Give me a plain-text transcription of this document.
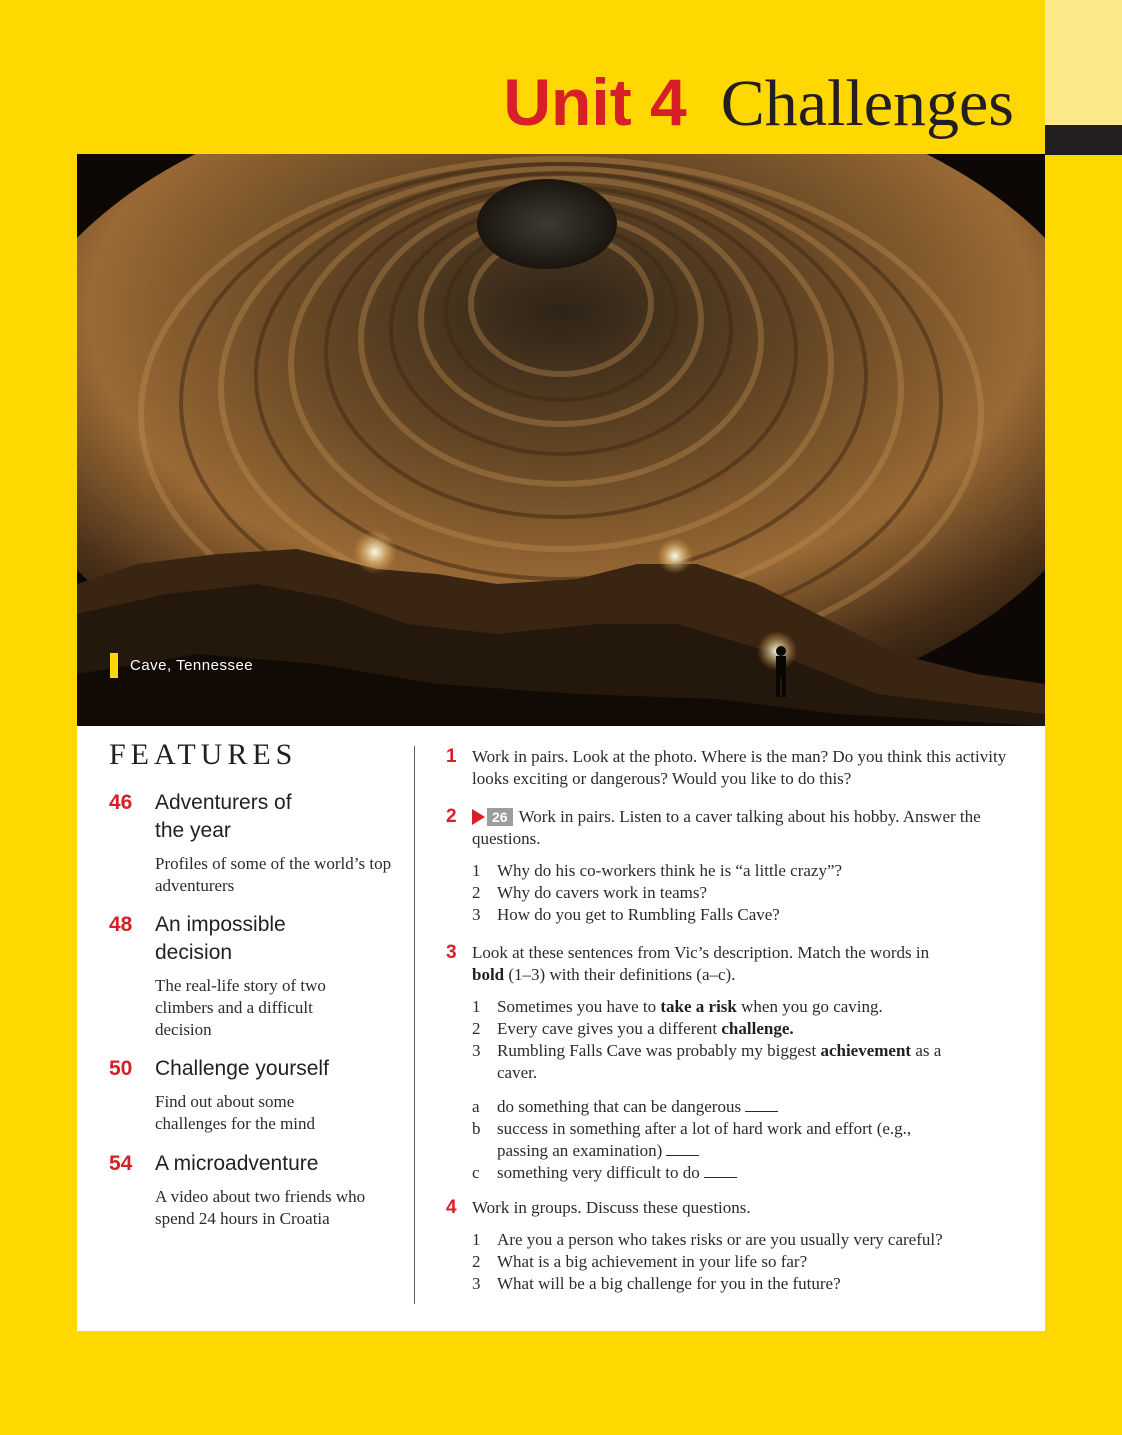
Unit 4 Challenges
Cave, Tennessee
FEATURES
46 Adventurers of the year
Profiles of some of the world’s top adventurers
48 An impossible decision
The real-life story of two climbers and a difficult decision
50 Challenge yourself
Find out about some challenges for the mind
54 A microadventure
A video about two friends who spend 24 hours in Croatia
1 Work in pairs. Look at the photo. Where is the man? Do you think this activity looks exciting or dangerous? Would you like to do this?
2	26 Work in pairs. Listen to a caver talking about his hobby. Answer the questions.
1 Why do his co-workers think he is “a little crazy”?
2 Why do cavers work in teams?
3 How do you get to Rumbling Falls Cave?
3 Look at these sentences from Vic’s description. Match the words in bold (1–3) with their definitions (a–c).
1 Sometimes you have to take a risk when you go caving.
2 Every cave gives you a different challenge.
3 Rumbling Falls Cave was probably my biggest achievement as a caver.
a do something that can be dangerous
b success in something after a lot of hard work and effort (e.g., passing an examination)
c something very difficult to do
4 Work in groups. Discuss these questions.
1 Are you a person who takes risks or are you usually very careful?
2 What is a big achievement in your life so far?
3 What will be a big challenge for you in the future?
